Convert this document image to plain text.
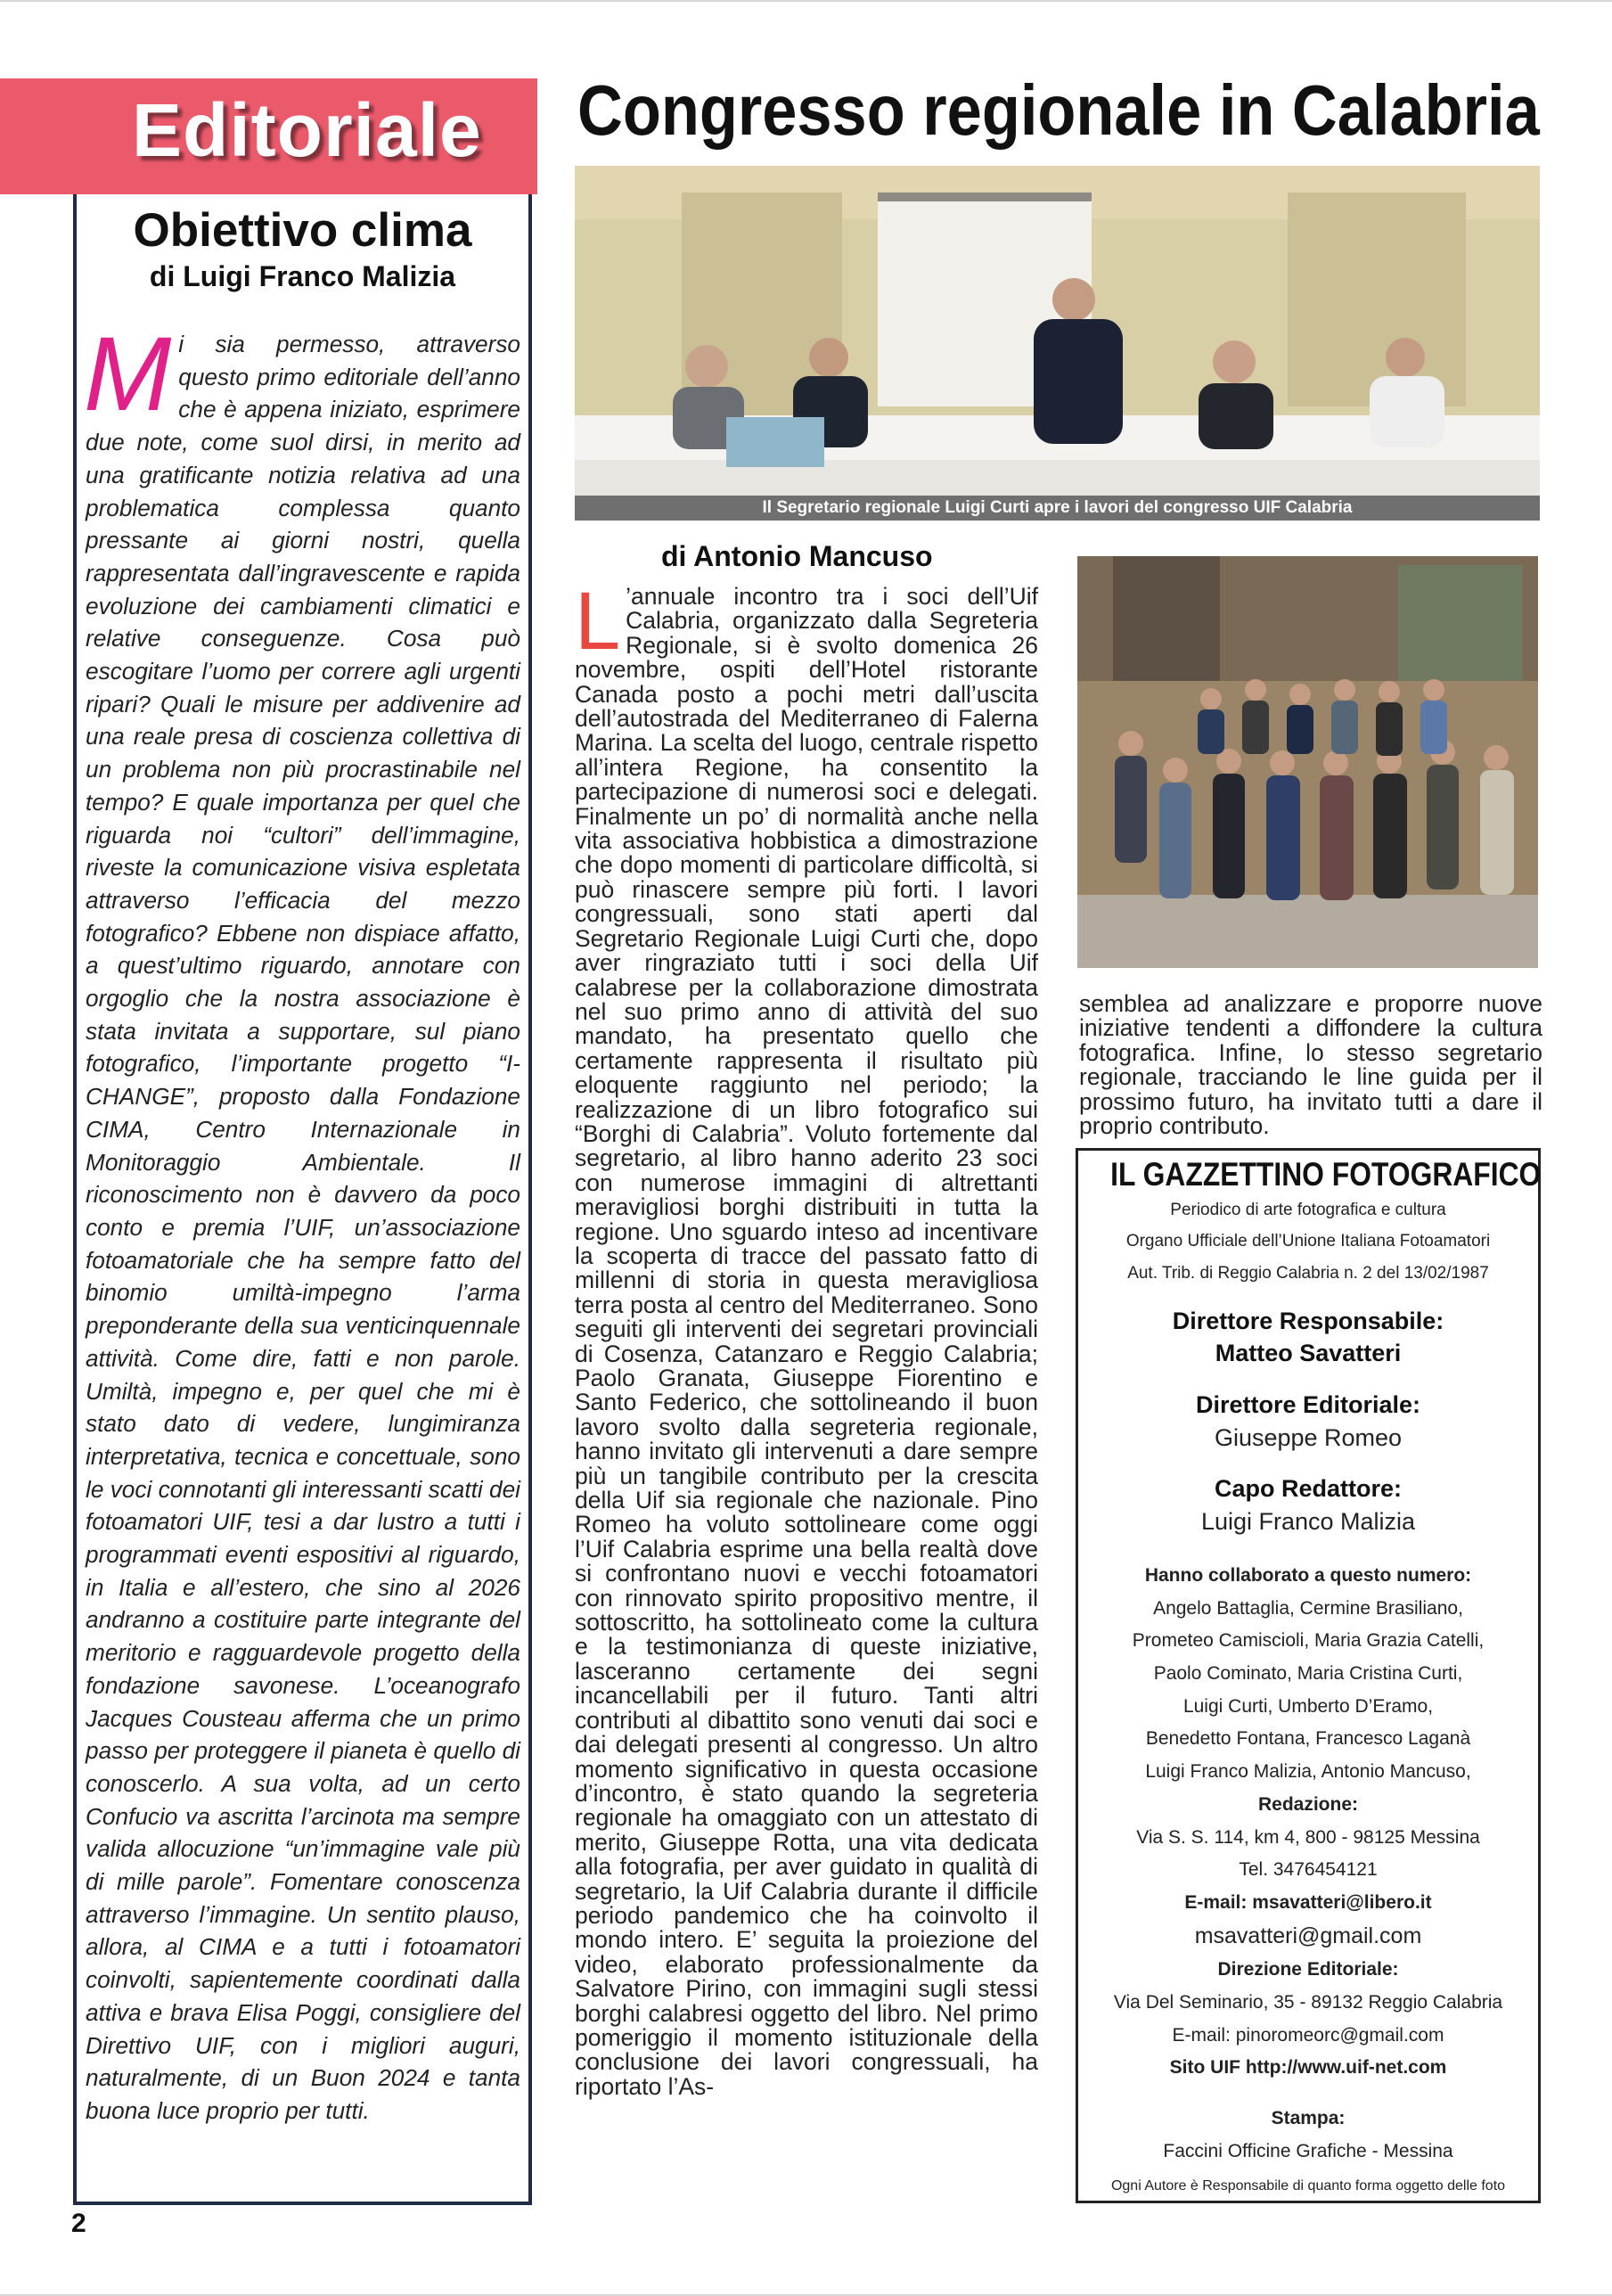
Editoriale
Obiettivo clima
di Luigi Franco Malizia

Mi sia permesso, attraverso questo primo editoriale dell’anno che è appena iniziato, esprimere due note, come suol dirsi, in merito ad una gratificante notizia relativa ad una problematica complessa quanto pressante ai giorni nostri, quella rappresentata dall’ingravescente e rapida evoluzione dei cambiamenti climatici e relative conseguenze. Cosa può escogitare l’uomo per correre agli urgenti ripari? Quali le misure per addivenire ad una reale presa di coscienza collettiva di un problema non più procrastinabile nel tempo? E quale importanza per quel che riguarda noi “cultori” dell’immagine, riveste la comunicazione visiva espletata attraverso l’efficacia del mezzo fotografico? Ebbene non dispiace affatto, a quest’ultimo riguardo, annotare con orgoglio che la nostra associazione è stata invitata a supportare, sul piano fotografico, l’importante progetto “I-CHANGE”, proposto dalla Fondazione CIMA, Centro Internazionale in Monitoraggio Ambientale. Il riconoscimento non è davvero da poco conto e premia l’UIF, un’associazione fotoamatoriale che ha sempre fatto del binomio umiltà-impegno l’arma preponderante della sua venticinquennale attività. Come dire, fatti e non parole. Umiltà, impegno e, per quel che mi è stato dato di vedere, lungimiranza interpretativa, tecnica e concettuale, sono le voci connotanti gli interessanti scatti dei fotoamatori UIF, tesi a dar lustro a tutti i programmati eventi espositivi al riguardo, in Italia e all’estero, che sino al 2026 andranno a costituire parte integrante del meritorio e ragguardevole progetto della fondazione savonese. L’oceanografo Jacques Cousteau afferma che un primo passo per proteggere il pianeta è quello di conoscerlo. A sua volta, ad un certo Confucio va ascritta l’arcinota ma sempre valida allocuzione “un’immagine vale più di mille parole”. Fomentare conoscenza attraverso l’immagine. Un sentito plauso, allora, al CIMA e a tutti i fotoamatori coinvolti, sapientemente coordinati dalla attiva e brava Elisa Poggi, consigliere del Direttivo UIF, con i migliori auguri, naturalmente, di un Buon 2024 e tanta buona luce proprio per tutti.

2
Congresso regionale in Calabria
Il Segretario regionale Luigi Curti apre i lavori del congresso UIF Calabria
di Antonio Mancuso

L ’annuale incontro tra i soci dell’Uif Calabria, organizzato dalla Segreteria Regionale, si è svolto domenica 26 novembre, ospiti dell’Hotel ristorante Canada posto a pochi metri dall’uscita dell’autostrada del Mediterraneo di Falerna Marina. La scelta del luogo, centrale rispetto all’intera Regione, ha consentito la partecipazione di numerosi soci e delegati. Finalmente un po’ di normalità anche nella vita associativa hobbistica a dimostrazione che dopo momenti di particolare difficoltà, si può rinascere sempre più forti. I lavori congressuali, sono stati aperti dal Segretario Regionale Luigi Curti che, dopo aver ringraziato tutti i soci della Uif calabrese per la collaborazione dimostrata nel suo primo anno di attività del suo mandato, ha presentato quello che certamente rappresenta il risultato più eloquente raggiunto nel periodo; la realizzazione di un libro fotografico sui “Borghi di Calabria”. Voluto fortemente dal segretario, al libro hanno aderito 23 soci con numerose immagini di altrettanti meravigliosi borghi distribuiti in tutta la regione. Uno sguardo inteso ad incentivare la scoperta di tracce del passato fatto di millenni di storia in questa meravigliosa terra posta al centro del Mediterraneo. Sono seguiti gli interventi dei segretari provinciali di Cosenza, Catanzaro e Reggio Calabria; Paolo Granata, Giuseppe Fiorentino e Santo Federico, che sottolineando il buon lavoro svolto dalla segreteria regionale, hanno invitato gli intervenuti a dare sempre più un tangibile contributo per la crescita della Uif sia regionale che nazionale. Pino Romeo ha voluto sottolineare come oggi l’Uif Calabria esprime una bella realtà dove si confrontano nuovi e vecchi fotoamatori con rinnovato spirito propositivo mentre, il sottoscritto, ha sottolineato come la cultura e la testimonianza di queste iniziative, lasceranno certamente dei segni incancellabili per il futuro. Tanti altri contributi al dibattito sono venuti dai soci e dai delegati presenti al congresso. Un altro momento significativo in questa occasione d’incontro, è stato quando la segreteria regionale ha omaggiato con un attestato di merito, Giuseppe Rotta, una vita dedicata alla fotografia, per aver guidato in qualità di segretario, la Uif Calabria durante il difficile periodo pandemico che ha coinvolto il mondo intero. E’ seguita la proiezione del video, elaborato professionalmente da Salvatore Pirino, con immagini sugli stessi borghi calabresi oggetto del libro. Nel primo pomeriggio il momento istituzionale della conclusione dei lavori congressuali, ha riportato l’As-

semblea ad analizzare e proporre nuove iniziative tendenti a diffondere la cultura fotografica. Infine, lo stesso segretario regionale, tracciando le line guida per il prossimo futuro, ha invitato tutti a dare il proprio contributo.

IL GAZZETTINO FOTOGRAFICO
Periodico di arte fotografica e cultura
Organo Ufficiale dell’Unione Italiana Fotoamatori
Aut. Trib. di Reggio Calabria n. 2 del 13/02/1987
Direttore Responsabile:
Matteo Savatteri
Direttore Editoriale:
Giuseppe Romeo
Capo Redattore:
Luigi Franco Malizia
Hanno collaborato a questo numero:
Angelo Battaglia, Cermine Brasiliano,
Prometeo Camiscioli, Maria Grazia Catelli,
Paolo Cominato, Maria Cristina Curti,
Luigi Curti, Umberto D’Eramo,
Benedetto Fontana, Francesco Laganà
Luigi Franco Malizia, Antonio Mancuso,
Redazione:
Via S. S. 114, km 4, 800 - 98125 Messina
Tel. 3476454121
E-mail: msavatteri@libero.it
msavatteri@gmail.com
Direzione Editoriale:
Via Del Seminario, 35 - 89132 Reggio Calabria
E-mail: pinoromeorc@gmail.com
Sito UIF http://www.uif-net.com
Stampa:
Faccini Officine Grafiche - Messina
Ogni Autore è Responsabile di quanto forma oggetto delle foto
